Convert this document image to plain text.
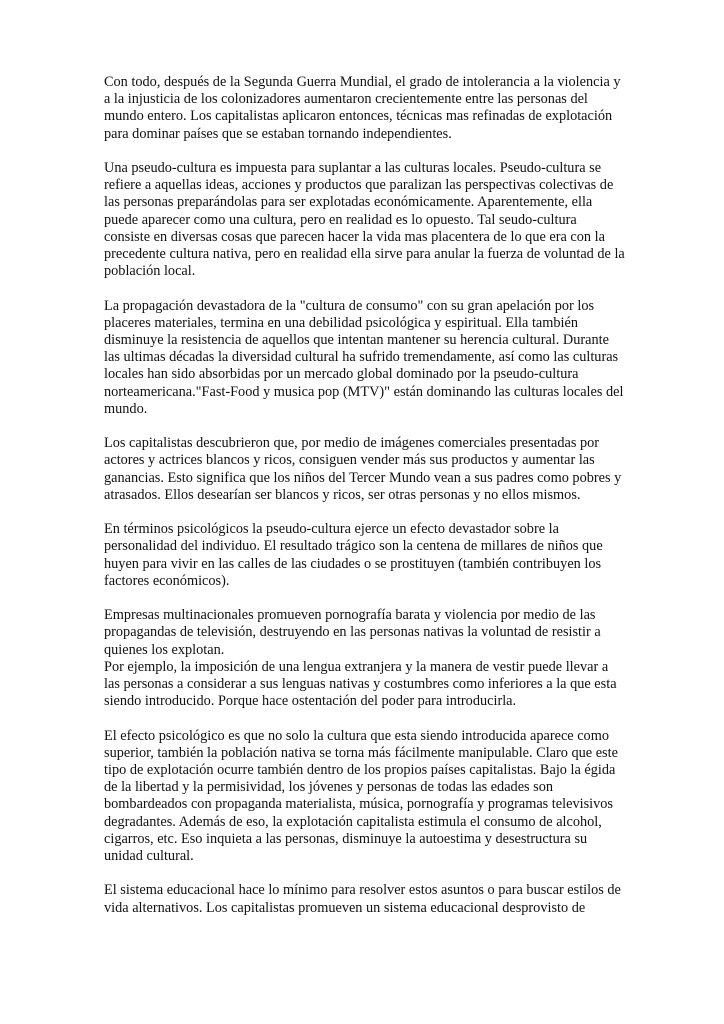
Con todo, después de la Segunda Guerra Mundial, el grado de intolerancia a la violencia y a la injusticia de los colonizadores aumentaron crecientemente entre las personas del mundo entero. Los capitalistas aplicaron entonces, técnicas mas refinadas de explotación para dominar países que se estaban tornando independientes.

Una pseudo-cultura es impuesta para suplantar a las culturas locales. Pseudo-cultura se refiere a aquellas ideas, acciones y productos que paralizan las perspectivas colectivas de las personas preparándolas para ser explotadas económicamente. Aparentemente, ella puede aparecer como una cultura, pero en realidad es lo opuesto. Tal seudo-cultura consiste en diversas cosas que parecen hacer la vida mas placentera de lo que era con la precedente cultura nativa, pero en realidad ella sirve para anular la fuerza de voluntad de la población local.

La propagación devastadora de la "cultura de consumo" con su gran apelación por los placeres materiales, termina en una debilidad psicológica y espiritual. Ella también disminuye la resistencia de aquellos que intentan mantener su herencia cultural. Durante las ultimas décadas la diversidad cultural ha sufrido tremendamente, así como las culturas locales han sido absorbidas por un mercado global dominado por la pseudo-cultura norteamericana."Fast-Food y musica pop (MTV)" están dominando las culturas locales del mundo.

Los capitalistas descubrieron que, por medio de imágenes comerciales presentadas por actores y actrices blancos y ricos, consiguen vender más sus productos y aumentar las ganancias. Esto significa que los niños del Tercer Mundo vean a sus padres como pobres y atrasados. Ellos desearían ser blancos y ricos, ser otras personas y no ellos mismos.

En términos psicológicos la pseudo-cultura ejerce un efecto devastador sobre la personalidad del individuo. El resultado trágico son la centena de millares de niños que huyen para vivir en las calles de las ciudades o se prostituyen (también contribuyen los factores económicos).

Empresas multinacionales promueven pornografía barata y violencia por medio de las propagandas de televisión, destruyendo en las personas nativas la voluntad de resistir a quienes los explotan.

Por ejemplo, la imposición de una lengua extranjera y la manera de vestir puede llevar a las personas a considerar a sus lenguas nativas y costumbres como inferiores a la que esta siendo introducido. Porque hace ostentación del poder para introducirla.

El efecto psicológico es que no solo la cultura que esta siendo introducida aparece como superior, también la población nativa se torna más fácilmente manipulable. Claro que este tipo de explotación ocurre también dentro de los propios países capitalistas. Bajo la égida de la libertad y la permisividad, los jóvenes y personas de todas las edades son bombardeados con propaganda materialista, música, pornografía y programas televisivos degradantes. Además de eso, la explotación capitalista estimula el consumo de alcohol, cigarros, etc. Eso inquieta a las personas, disminuye la autoestima y desestructura su unidad cultural.

El sistema educacional hace lo mínimo para resolver estos asuntos o para buscar estilos de vida alternativos. Los capitalistas promueven un sistema educacional desprovisto de
